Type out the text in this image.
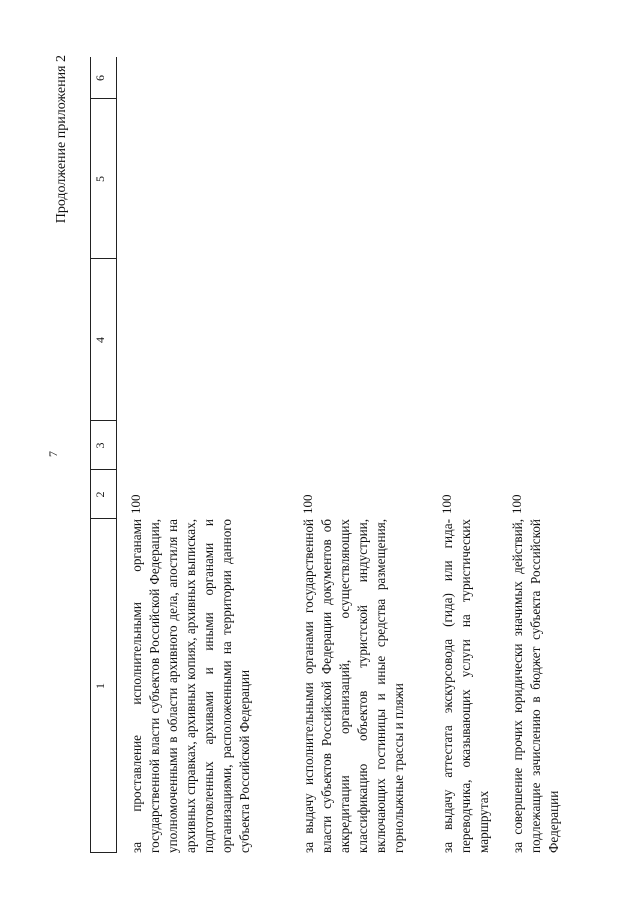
7
Продолжение приложения 2
1
2
3
4
5
6
за проставление исполнительными органами государственной власти субъектов Российской Федерации, уполномоченными в области архивного дела, апостиля на архивных справках, архивных копиях, архивных выписках, подготовленных архивами и иными органами и организациями, расположенными на территории данного субъекта Российской Федерации
100
за выдачу исполнительными органами государственной власти субъектов Российской Федерации документов об аккредитации организаций, осуществляющих классификацию объектов туристской индустрии, включающих гостиницы и иные средства размещения, горнолыжные трассы и пляжи
100
за выдачу аттестата экскурсовода (гида) или гида-переводчика, оказывающих услуги на туристических маршрутах
100
за совершение прочих юридически значимых действий, подлежащие зачислению в бюджет субъекта Российской Федерации
100
